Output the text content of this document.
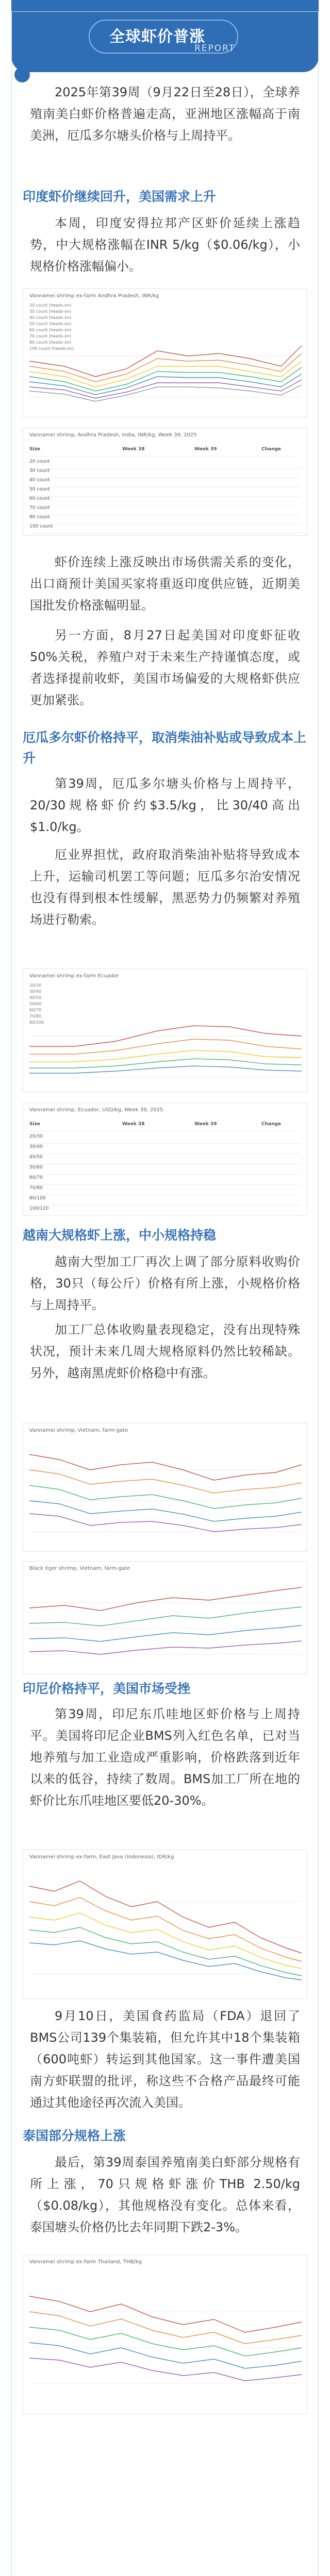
全球虾价普涨
REPORT
2025年第39周（9月22日至28日），全球养殖南美白虾价格普遍走高，亚洲地区涨幅高于南美洲，厄瓜多尔塘头价格与上周持平。
印度虾价继续回升，美国需求上升
本周，印度安得拉邦产区虾价延续上涨趋势，中大规格涨幅在INR 5/kg（$0.06/kg），小规格价格涨幅偏小。
Vannamei shrimp ex-farm Andhra Pradesh, INR/kg
20 count (heads-on)
30 count (heads-on)
40 count (heads-on)
50 count (heads-on)
60 count (heads-on)
70 count (heads-on)
80 count (heads-on)
100 count (heads-on)
Vannamei shrimp, Andhra Pradesh, India, INR/kg, Week 39, 2025
Size	Week 38	Week 39	Change
20 count
30 count
40 count
50 count
60 count
70 count
80 count
100 count
虾价连续上涨反映出市场供需关系的变化，出口商预计美国买家将重返印度供应链，近期美国批发价格涨幅明显。
另一方面，8月27日起美国对印度虾征收50%关税，养殖户对于未来生产持谨慎态度，或者选择提前收虾，美国市场偏爱的大规格虾供应更加紧张。
厄瓜多尔虾价格持平，取消柴油补贴或导致成本上升
第39周，厄瓜多尔塘头价格与上周持平，20/30规格虾价约$3.5/kg，比30/40高出$1.0/kg。
厄业界担忧，政府取消柴油补贴将导致成本上升，运输司机罢工等问题；厄瓜多尔治安情况也没有得到根本性缓解，黑恶势力仍频繁对养殖场进行勒索。
Vannamei shrimp ex-farm Ecuador
20/30
30/40
40/50
50/60
60/70
70/80
80/100
Vannamei shrimp, Ecuador, USD/kg, Week 39, 2025
Size	Week 38	Week 39	Change
20/30
30/40
40/50
50/60
60/70
70/80
80/100
100/120
越南大规格虾上涨，中小规格持稳
越南大型加工厂再次上调了部分原料收购价格，30只（每公斤）价格有所上涨，小规格价格与上周持平。
加工厂总体收购量表现稳定，没有出现特殊状况，预计未来几周大规格原料仍然比较稀缺。另外，越南黑虎虾价格稳中有涨。
Vannamei shrimp, Vietnam, farm-gate
Black tiger shrimp, Vietnam, farm-gate
印尼价格持平，美国市场受挫
第39周，印尼东爪哇地区虾价格与上周持平。美国将印尼企业BMS列入红色名单，已对当地养殖与加工业造成严重影响，价格跌落到近年以来的低谷，持续了数周。BMS加工厂所在地的虾价比东爪哇地区要低20-30%。
Vannamei shrimp ex-farm, East Java (Indonesia), IDR/kg
9月10日，美国食药监局（FDA）退回了BMS公司139个集装箱，但允许其中18个集装箱（600吨虾）转运到其他国家。这一事件遭美国南方虾联盟的批评，称这些不合格产品最终可能通过其他途径再次流入美国。
泰国部分规格上涨
最后，第39周泰国养殖南美白虾部分规格有所上涨，70只规格虾涨价THB 2.50/kg（$0.08/kg），其他规格没有变化。总体来看，泰国塘头价格仍比去年同期下跌2-3%。
Vannamei shrimp ex-farm Thailand, THB/kg
